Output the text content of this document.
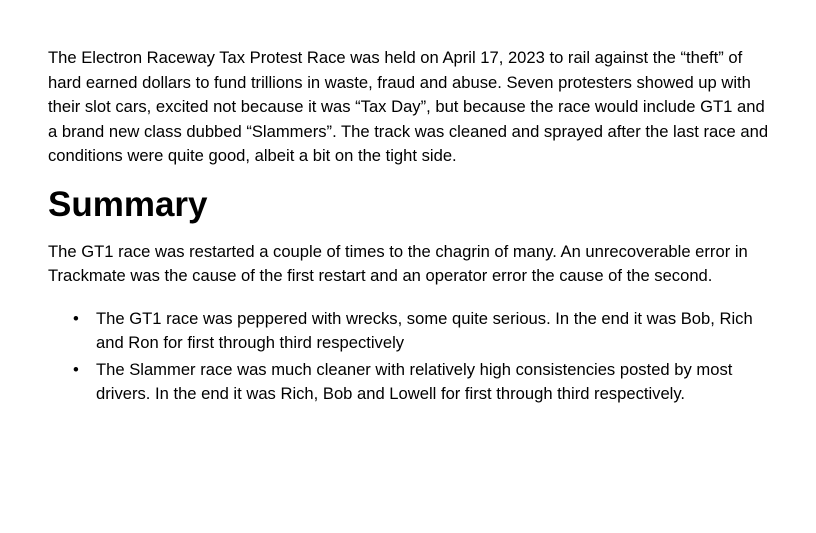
The Electron Raceway Tax Protest Race was held on April 17, 2023 to rail against the “theft” of hard earned dollars to fund trillions in waste, fraud and abuse. Seven protesters showed up with their slot cars, excited not because it was “Tax Day”, but because the race would include GT1 and a brand new class dubbed “Slammers”. The track was cleaned and sprayed after the last race and conditions were quite good, albeit a bit on the tight side.

Summary

The GT1 race was restarted a couple of times to the chagrin of many. An unrecoverable error in Trackmate was the cause of the first restart and an operator error the cause of the second.

• The GT1 race was peppered with wrecks, some quite serious. In the end it was Bob, Rich and Ron for first through third respectively
• The Slammer race was much cleaner with relatively high consistencies posted by most drivers. In the end it was Rich, Bob and Lowell for first through third respectively.
